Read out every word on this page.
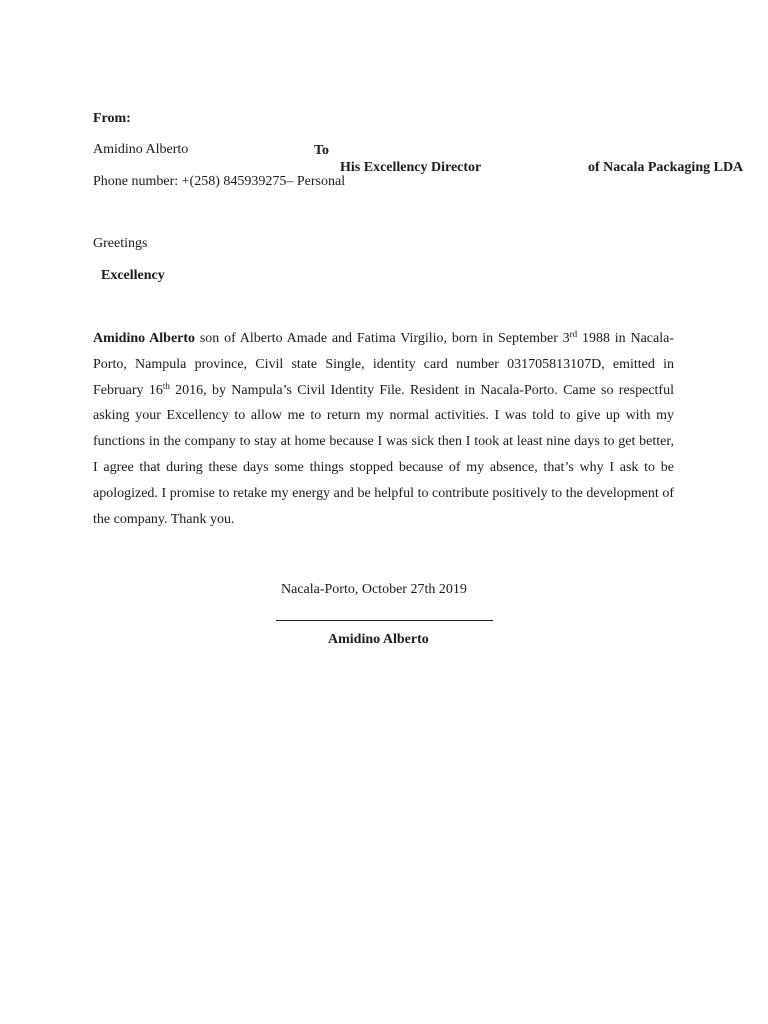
From:
Amidino Alberto	To
His Excellency Director	of Nacala Packaging LDA
Phone number: +(258) 845939275– Personal
Greetings
Excellency
Amidino Alberto son of Alberto Amade and Fatima Virgilio, born in September 3rd 1988 in Nacala- Porto, Nampula province, Civil state Single, identity card number 031705813107D, emitted in February 16th 2016, by Nampula’s Civil Identity File. Resident in Nacala-Porto. Came so respectful asking your Excellency to allow me to return my normal activities. I was told to give up with my functions in the company to stay at home because I was sick then I took at least nine days to get better, I agree that during these days some things stopped because of my absence, that’s why I ask to be apologized. I promise to retake my energy and be helpful to contribute positively to the development of the company. Thank you.
Nacala-Porto, October 27th 2019
Amidino Alberto
